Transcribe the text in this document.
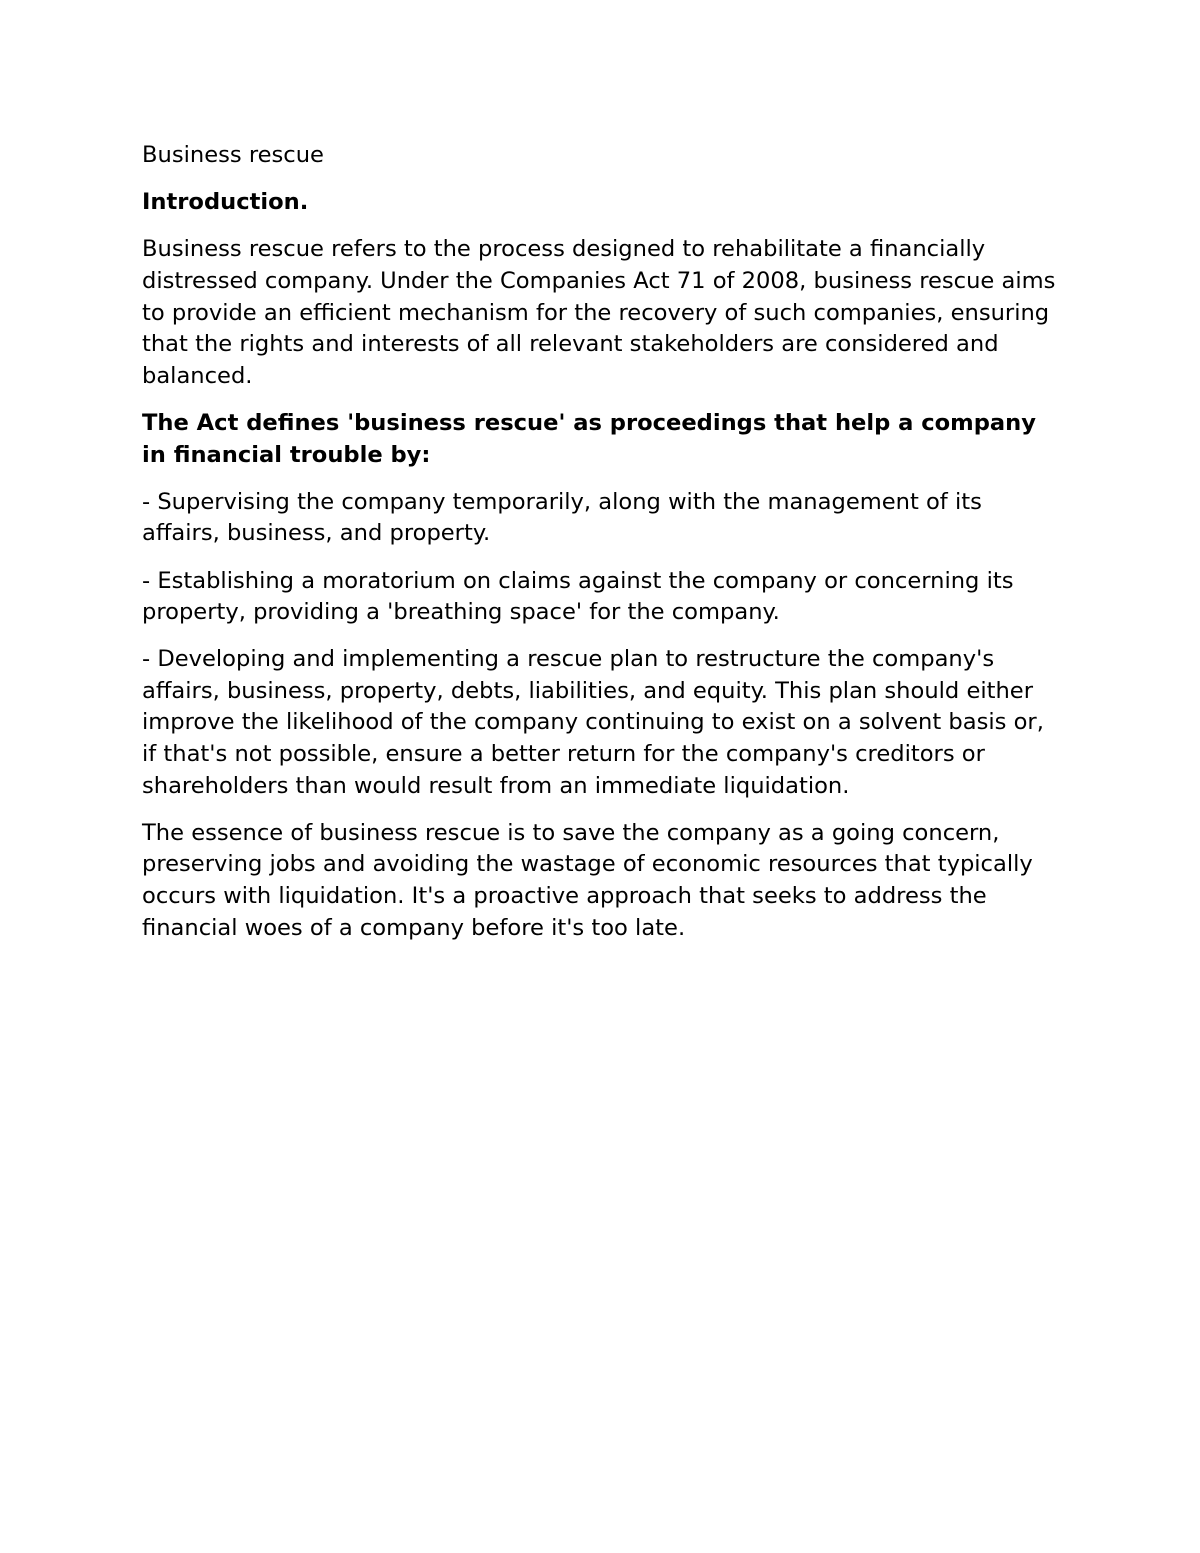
Business rescue

Introduction.

Business rescue refers to the process designed to rehabilitate a financially distressed company. Under the Companies Act 71 of 2008, business rescue aims to provide an efficient mechanism for the recovery of such companies, ensuring that the rights and interests of all relevant stakeholders are considered and balanced.

The Act defines 'business rescue' as proceedings that help a company in financial trouble by:

- Supervising the company temporarily, along with the management of its affairs, business, and property.

- Establishing a moratorium on claims against the company or concerning its property, providing a 'breathing space' for the company.

- Developing and implementing a rescue plan to restructure the company's affairs, business, property, debts, liabilities, and equity. This plan should either improve the likelihood of the company continuing to exist on a solvent basis or, if that's not possible, ensure a better return for the company's creditors or shareholders than would result from an immediate liquidation.

The essence of business rescue is to save the company as a going concern, preserving jobs and avoiding the wastage of economic resources that typically occurs with liquidation. It's a proactive approach that seeks to address the financial woes of a company before it's too late.
